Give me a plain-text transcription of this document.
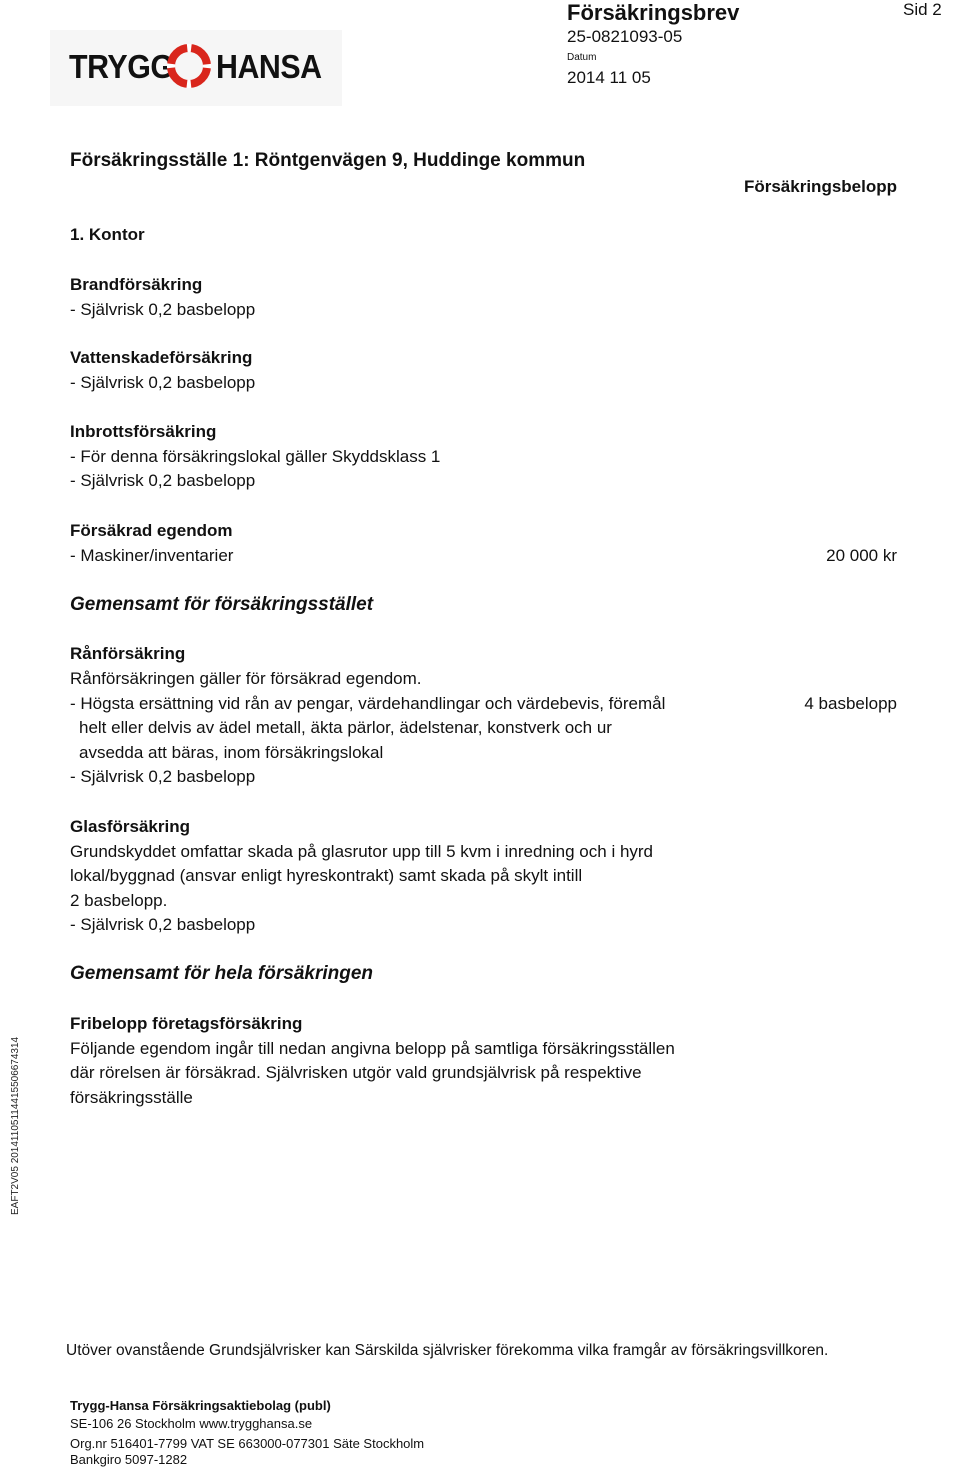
TRYGG HANSA
Försäkringsbrev
25-0821093-05
Datum
2014 11 05
Sid 2
Försäkringsställe 1: Röntgenvägen 9, Huddinge kommun
Försäkringsbelopp
1. Kontor
Brandförsäkring
- Självrisk 0,2 basbelopp
Vattenskadeförsäkring
- Självrisk 0,2 basbelopp
Inbrottsförsäkring
- För denna försäkringslokal gäller Skyddsklass 1
- Självrisk 0,2 basbelopp
Försäkrad egendom
- Maskiner/inventarier	20 000 kr
Gemensamt för försäkringsstället
Rånförsäkring
Rånförsäkringen gäller för försäkrad egendom.
- Högsta ersättning vid rån av pengar, värdehandlingar och värdebevis, föremål
helt eller delvis av ädel metall, äkta pärlor, ädelstenar, konstverk och ur
avsedda att bäras, inom försäkringslokal
4 basbelopp
- Självrisk 0,2 basbelopp
Glasförsäkring
Grundskyddet omfattar skada på glasrutor upp till 5 kvm i inredning och i hyrd
lokal/byggnad (ansvar enligt hyreskontrakt) samt skada på skylt intill
2 basbelopp.
- Självrisk 0,2 basbelopp
Gemensamt för hela försäkringen
Fribelopp företagsförsäkring
Följande egendom ingår till nedan angivna belopp på samtliga försäkringsställen
där rörelsen är försäkrad. Självrisken utgör vald grundsjälvrisk på respektive
försäkringsställe
EAFT2V05 20141105114415506674314
Utöver ovanstående Grundsjälvrisker kan Särskilda självrisker förekomma vilka framgår av försäkringsvillkoren.
Trygg-Hansa Försäkringsaktiebolag (publ)
SE-106 26 Stockholm www.trygghansa.se
Org.nr 516401-7799 VAT SE 663000-077301 Säte Stockholm
Bankgiro 5097-1282
